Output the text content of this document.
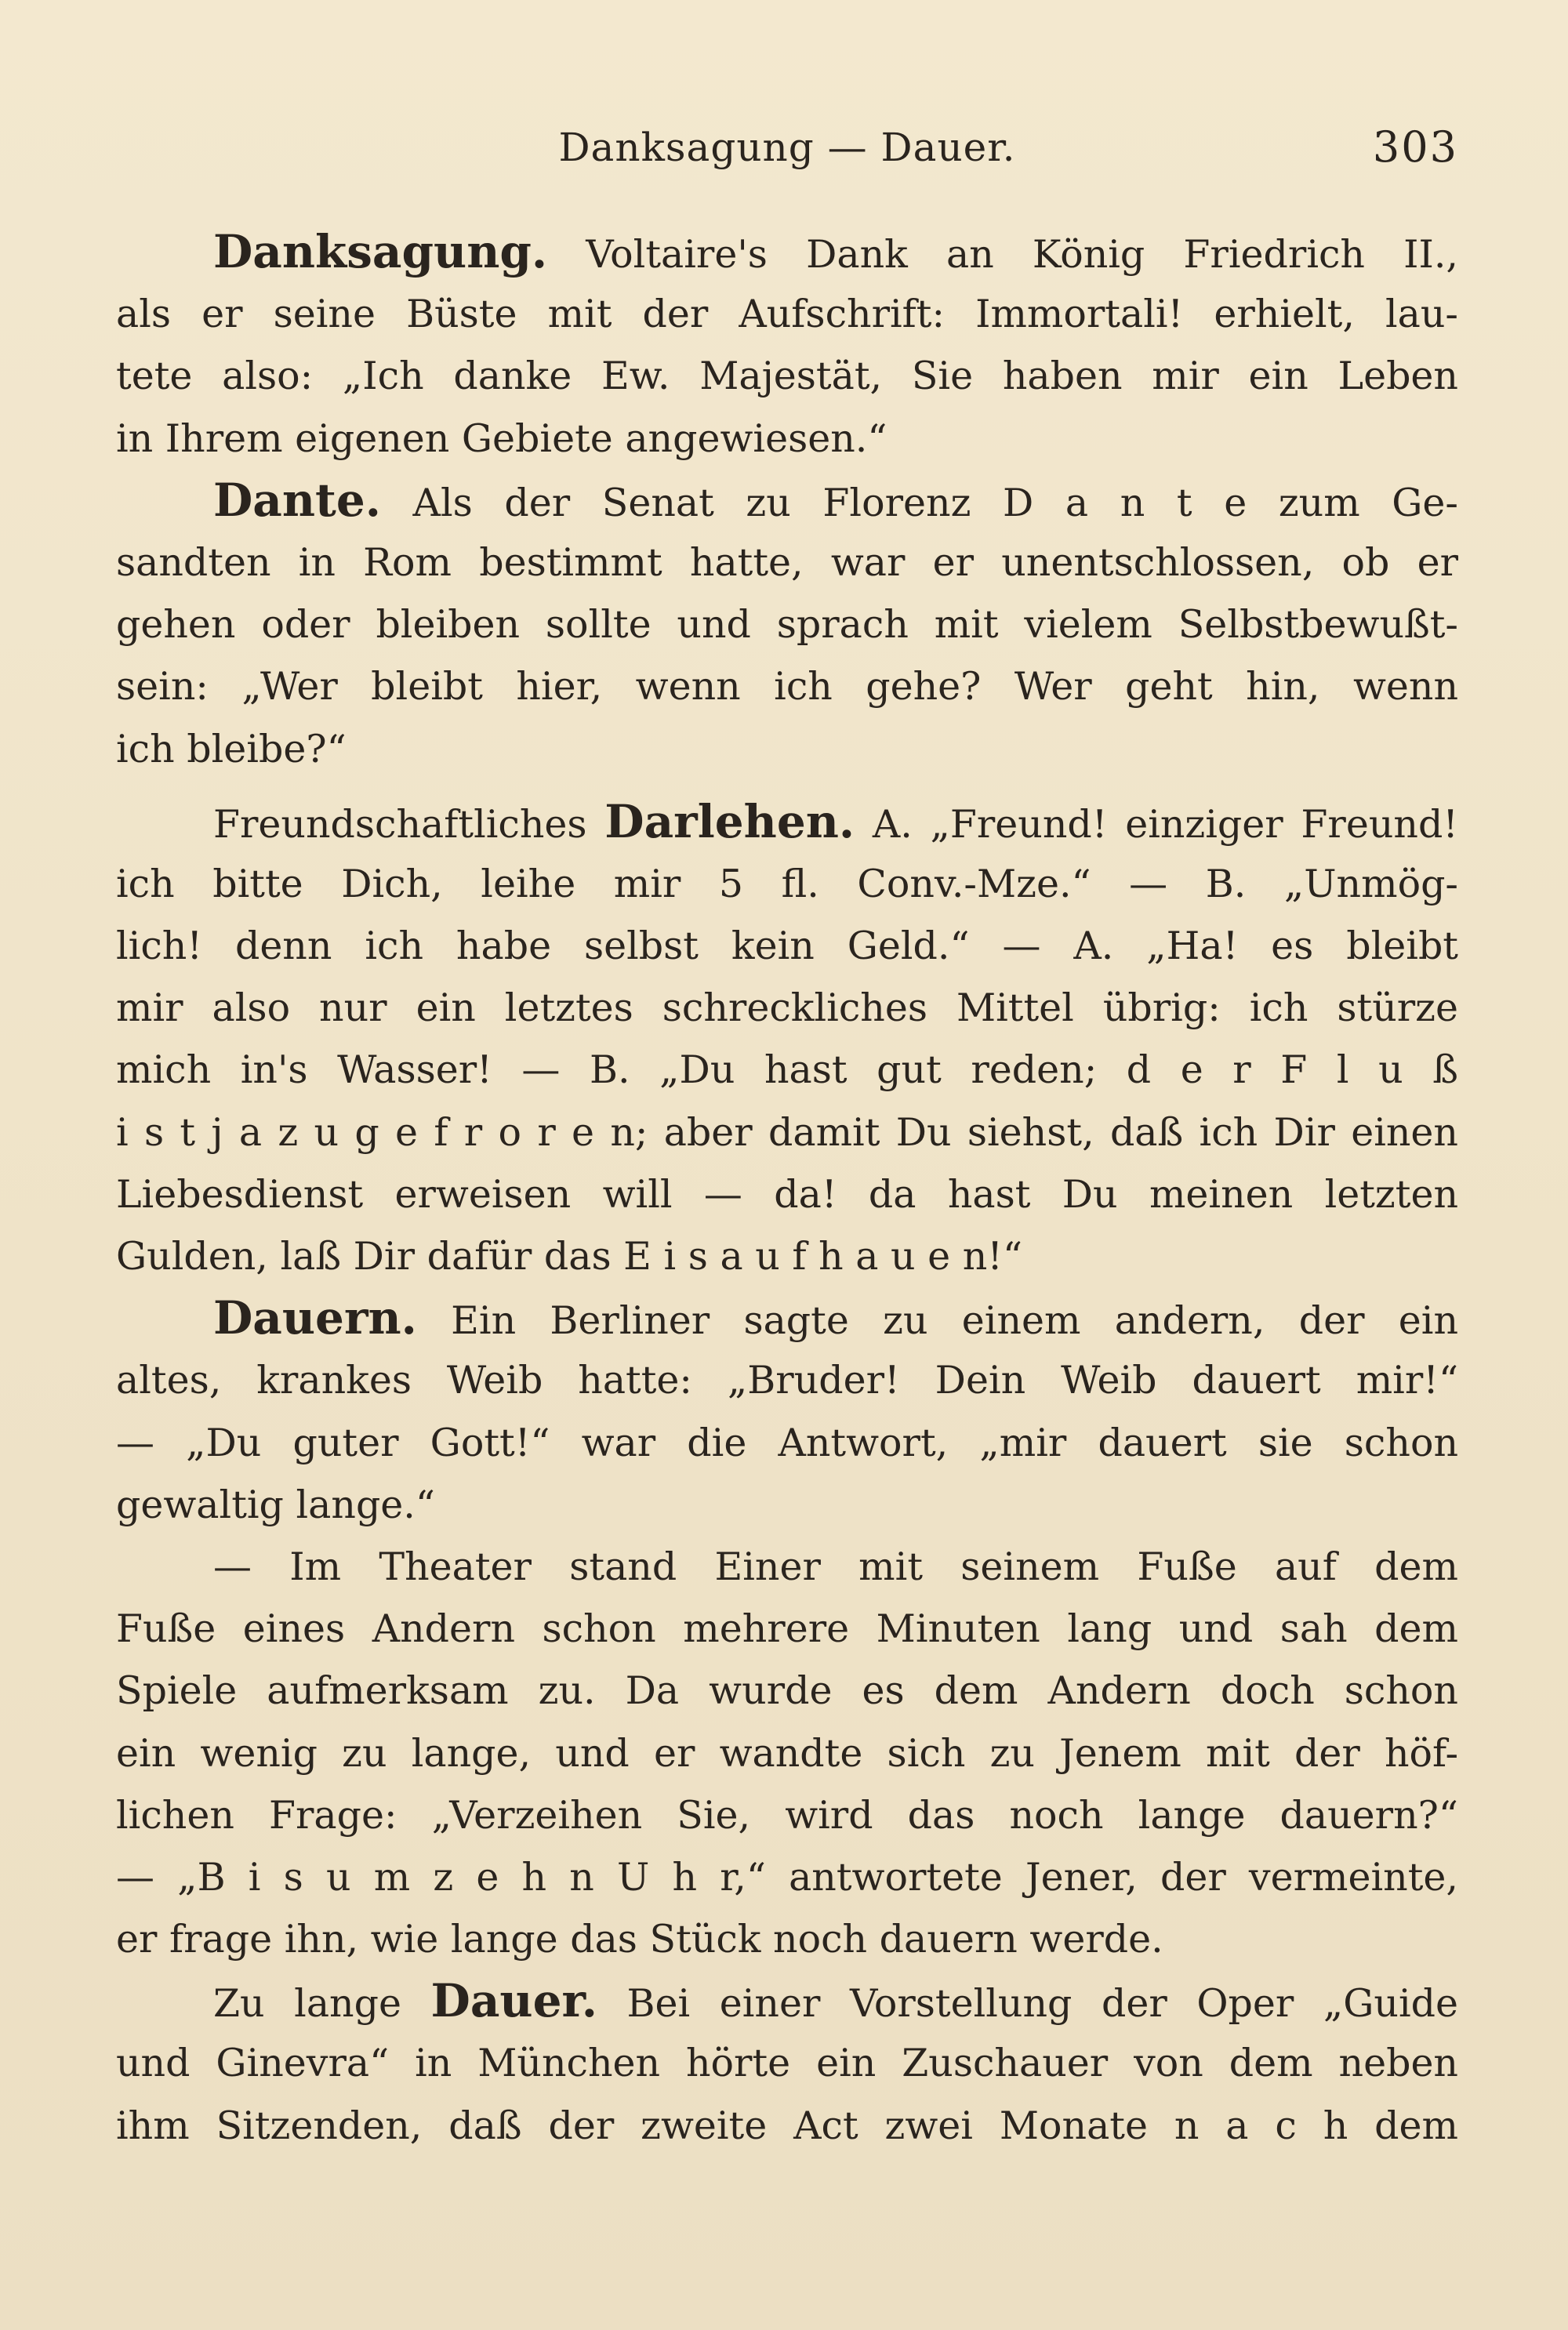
Danksagung — Dauer.	303
Danksagung. Voltaire's Dank an König Friedrich II.,
als er seine Büste mit der Aufschrift: Immortali! erhielt, lau-
tete also: „Ich danke Ew. Majestät, Sie haben mir ein Leben
in Ihrem eigenen Gebiete angewiesen.“
Dante. Als der Senat zu Florenz D a n t e zum Ge-
sandten in Rom bestimmt hatte, war er unentschlossen, ob er
gehen oder bleiben sollte und sprach mit vielem Selbstbewußt-
sein: „Wer bleibt hier, wenn ich gehe? Wer geht hin, wenn
ich bleibe?“
Freundschaftliches Darlehen. A. „Freund! einziger Freund!
ich bitte Dich, leihe mir 5 fl. Conv.-Mze.“ — B. „Unmög-
lich! denn ich habe selbst kein Geld.“ — A. „Ha! es bleibt
mir also nur ein letztes schreckliches Mittel übrig: ich stürze
mich in's Wasser! — B. „Du hast gut reden; d e r F l u ß
i s t j a z u g e f r o r e n; aber damit Du siehst, daß ich Dir einen
Liebesdienst erweisen will — da! da hast Du meinen letzten
Gulden, laß Dir dafür das E i s a u f h a u e n!“
Dauern. Ein Berliner sagte zu einem andern, der ein
altes, krankes Weib hatte: „Bruder! Dein Weib dauert mir!“
— „Du guter Gott!“ war die Antwort, „mir dauert sie schon
gewaltig lange.“
— Im Theater stand Einer mit seinem Fuße auf dem
Fuße eines Andern schon mehrere Minuten lang und sah dem
Spiele aufmerksam zu. Da wurde es dem Andern doch schon
ein wenig zu lange, und er wandte sich zu Jenem mit der höf-
lichen Frage: „Verzeihen Sie, wird das noch lange dauern?“
— „B i s u m z e h n U h r,“ antwortete Jener, der vermeinte,
er frage ihn, wie lange das Stück noch dauern werde.
Zu lange Dauer. Bei einer Vorstellung der Oper „Guide
und Ginevra“ in München hörte ein Zuschauer von dem neben
ihm Sitzenden, daß der zweite Act zwei Monate n a c h dem
